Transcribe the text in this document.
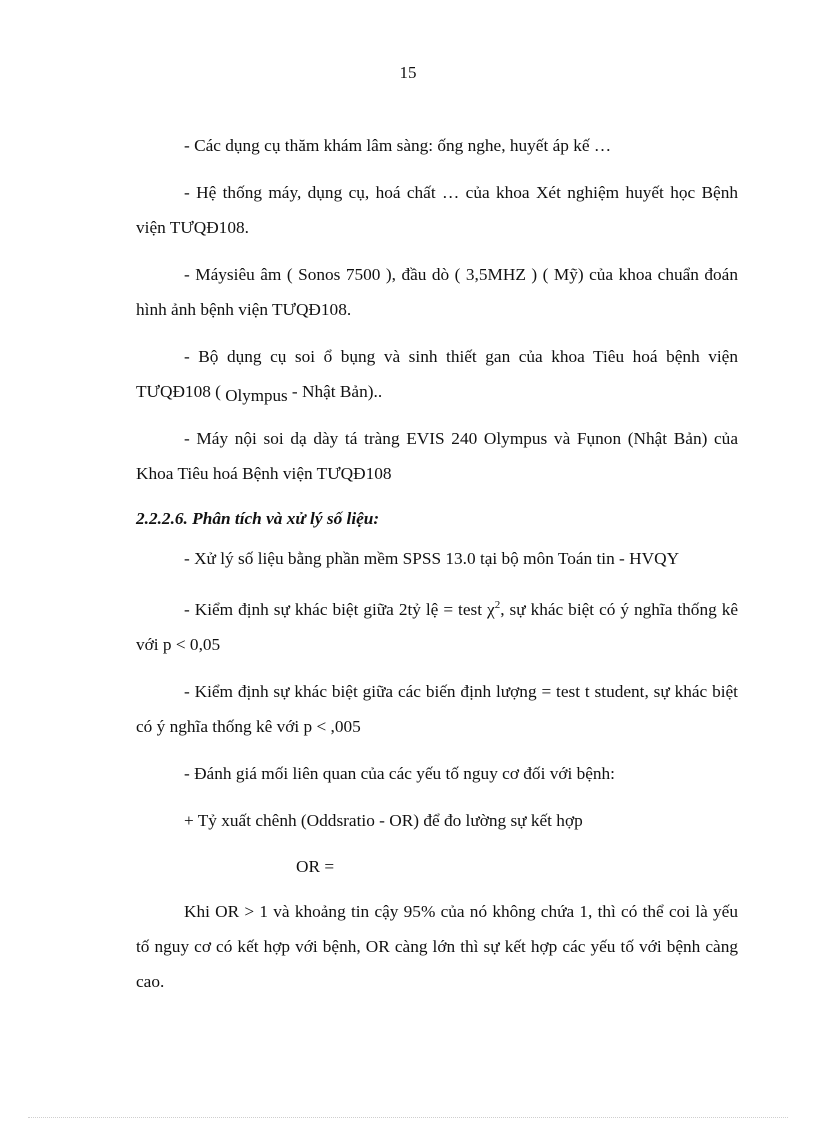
15

- Các dụng cụ thăm khám lâm sàng: ống nghe, huyết áp kế …

- Hệ thống máy, dụng cụ, hoá chất … của khoa Xét nghiệm huyết học Bệnh viện TƯQĐ108.

- Máysiêu âm ( Sonos 7500 ), đầu dò ( 3,5MHZ ) ( Mỹ) của khoa chuẩn đoán hình ảnh bệnh viện TƯQĐ108.

- Bộ dụng cụ soi ổ bụng và sinh thiết gan của khoa Tiêu hoá bệnh viện TƯQĐ108 ( Olympus - Nhật Bản)..

- Máy nội soi dạ dày tá tràng EVIS 240 Olympus và Fụnon (Nhật Bản) của Khoa Tiêu hoá Bệnh viện TƯQĐ108

2.2.2.6. Phân tích và xử lý số liệu:

- Xử lý số liệu bằng phần mềm SPSS 13.0 tại bộ môn Toán tin - HVQY

- Kiểm định sự khác biệt giữa 2tỷ lệ = test $\chi^2$, sự khác biệt có ý nghĩa thống kê với p < 0,05

- Kiểm định sự khác biệt giữa các biến định lượng = test t student, sự khác biệt có ý nghĩa thống kê với p < ,005

- Đánh giá mối liên quan của các yếu tố nguy cơ đối với bệnh:

+ Tỷ xuất chênh (Oddsratio - OR) để đo lường sự kết hợp

OR =

Khi OR > 1 và khoảng tin cậy 95% của nó không chứa 1, thì có thể coi là yếu tố nguy cơ có kết hợp với bệnh, OR càng lớn thì sự kết hợp các yếu tố với bệnh càng cao.
